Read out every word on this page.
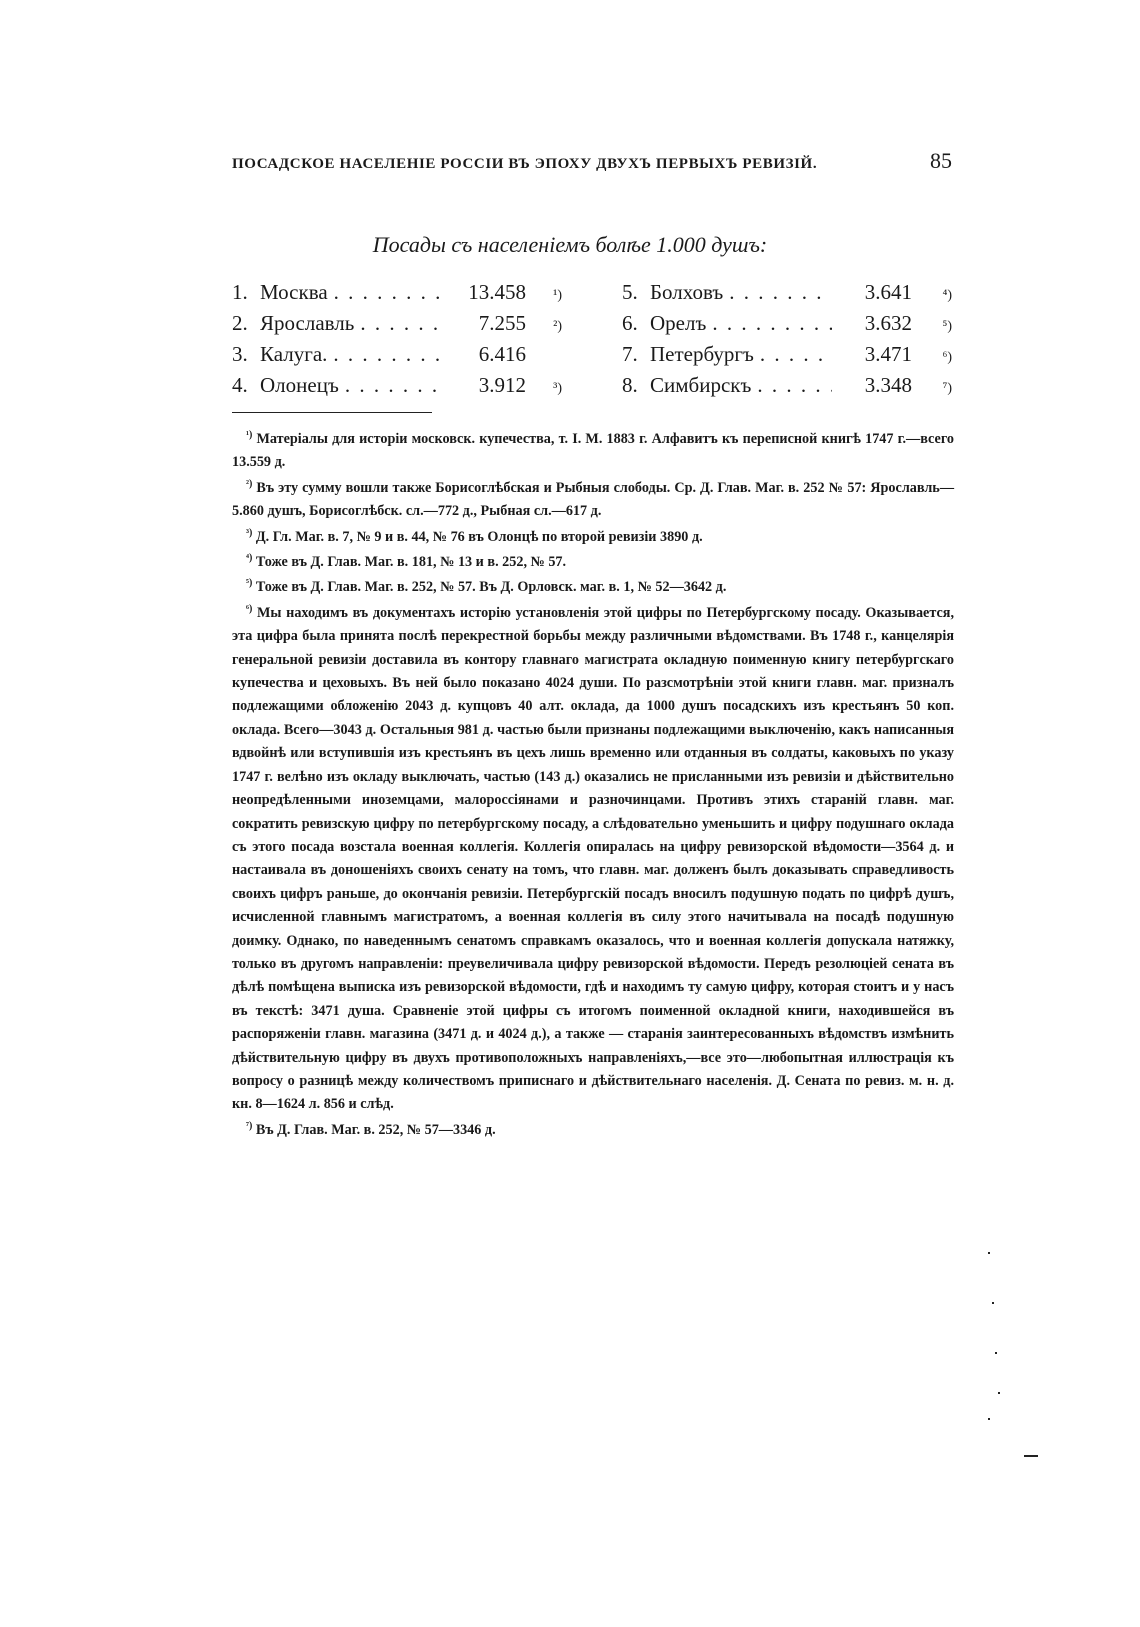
ПОСАДСКОЕ НАСЕЛЕНІЕ РОССІИ ВЪ ЭПОХУ ДВУХЪ ПЕРВЫХЪ РЕВИЗІЙ.	85
Посады съ населеніемъ болѣе 1.000 душъ:
1. Москва . . .	13.458	¹)
2. Ярославль . . .	7.255	²)
3. Калуга. . . .	6.416
4. Олонецъ . . .	3.912	³)
5. Болховъ . . .	3.641	⁴)
6. Орелъ . . .	3.632	⁵)
7. Петербургъ . . .	3.471	⁶)
8. Симбирскъ . . .	3.348	⁷)

$^{^1)}$ Матеріалы для исторіи московск. купечества, т. I. М. 1883 г. Алфавитъ къ переписной книгѣ 1747 г.—всего 13.559 д.

$^{^2)}$ Въ эту сумму вошли также Борисоглѣбская и Рыбныя слободы. Ср. Д. Глав. Маг. в. 252 № 57: Ярославль—5.860 душъ, Борисоглѣбск. сл.—772 д., Рыбная сл.—617 д.

$^{^3)}$ Д. Гл. Маг. в. 7, № 9 и в. 44, № 76 въ Олонцѣ по второй ревизіи 3890 д.

$^{^4)}$ Тоже въ Д. Глав. Маг. в. 181, № 13 и в. 252, № 57.

$^{^5)}$ Тоже въ Д. Глав. Маг. в. 252, № 57. Въ Д. Орловск. маг. в. 1, № 52—3642 д.

$^{^6)}$ Мы находимъ въ документахъ исторію установленія этой цифры по Петербургскому посаду. Оказывается, эта цифра была принята послѣ перекрестной борьбы между различными вѣдомствами. Въ 1748 г., канцелярія генеральной ревизіи доставила въ контору главнаго магистрата окладную поименную книгу петербургскаго купечества и цеховыхъ. Въ ней было показано 4024 души. По разсмотрѣніи этой книги главн. маг. призналъ подлежащими обложенію 2043 д. купцовъ 40 алт. оклада, да 1000 душъ посадскихъ изъ крестьянъ 50 коп. оклада. Всего—3043 д. Остальныя 981 д. частью были признаны подлежащими выключенію, какъ написанныя вдвойнѣ или вступившія изъ крестьянъ въ цехъ лишь временно или отданныя въ солдаты, каковыхъ по указу 1747 г. велѣно изъ окладу выключать, частью (143 д.) оказались не присланными изъ ревизіи и дѣйствительно неопредѣленными иноземцами, малороссіянами и разночинцами. Противъ этихъ стараній главн. маг. сократить ревизскую цифру по петербургскому посаду, а слѣдовательно уменьшить и цифру подушнаго оклада съ этого посада возстала военная коллегія. Коллегія опиралась на цифру ревизорской вѣдомости—3564 д. и настаивала въ доношеніяхъ своихъ сенату на томъ, что главн. маг. долженъ былъ доказывать справедливость своихъ цифръ раньше, до окончанія ревизіи. Петербургскій посадъ вносилъ подушную подать по цифрѣ душъ, исчисленной главнымъ магистратомъ, а военная коллегія въ силу этого начитывала на посадѣ подушную доимку. Однако, по наведеннымъ сенатомъ справкамъ оказалось, что и военная коллегія допускала натяжку, только въ другомъ направленіи: преувеличивала цифру ревизорской вѣдомости. Передъ резолюціей сената въ дѣлѣ помѣщена выписка изъ ревизорской вѣдомости, гдѣ и находимъ ту самую цифру, которая стоитъ и у насъ въ текстѣ: 3471 душа. Сравненіе этой цифры съ итогомъ поименной окладной книги, находившейся въ распоряженіи главн. магазина (3471 д. и 4024 д.), а также — старанія заинтересованныхъ вѣдомствъ измѣнить дѣйствительную цифру въ двухъ противоположныхъ направленіяхъ,—все это—любопытная иллюстрація къ вопросу о разницѣ между количествомъ приписнаго и дѣйствительнаго населенія. Д. Сената по ревиз. м. н. д. кн. 8—1624 л. 856 и слѣд.

$^{^7)}$ Въ Д. Глав. Маг. в. 252, № 57—3346 д.
